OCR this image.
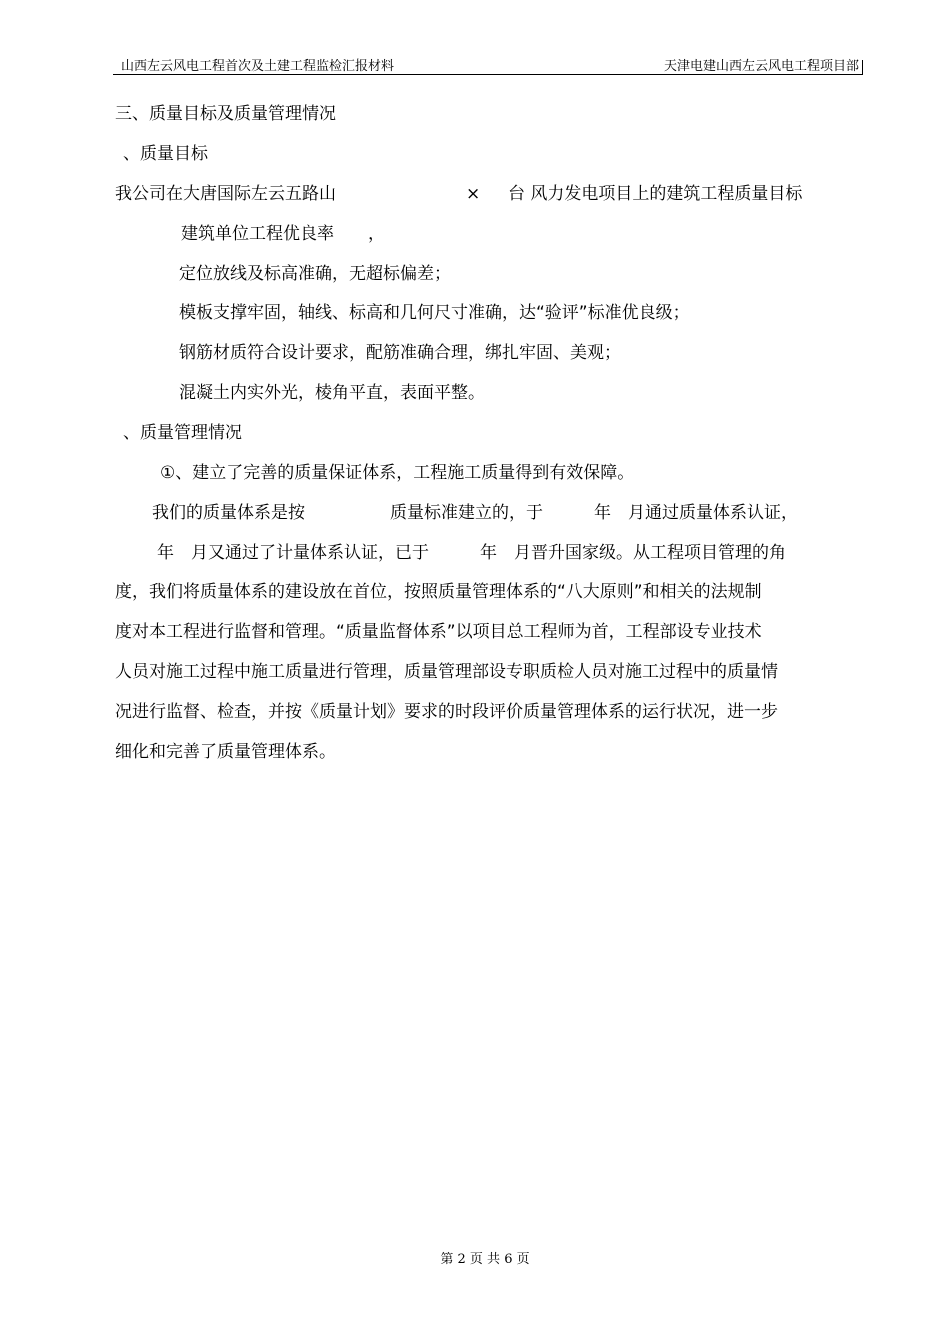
山西左云风电工程首次及土建工程监检汇报材料	天津电建山西左云风电工程项目部
三、质量目标及质量管理情况
、质量目标
我公司在大唐国际左云五路山	× 台 风力发电项目上的建筑工程质量目标
建筑单位工程优良率　　，
定位放线及标高准确，无超标偏差；
模板支撑牢固，轴线、标高和几何尺寸准确，达“验评”标准优良级；
钢筋材质符合设计要求，配筋准确合理，绑扎牢固、美观；
混凝土内实外光，棱角平直，表面平整。
、质量管理情况
①、建立了完善的质量保证体系，工程施工质量得到有效保障。
我们的质量体系是按　　　　　质量标准建立的，于　　　年　月通过质量体系认证，
　年　月又通过了计量体系认证，已于　　　年　月晋升国家级。从工程项目管理的角
度，我们将质量体系的建设放在首位，按照质量管理体系的“八大原则”和相关的法规制
度对本工程进行监督和管理。“质量监督体系”以项目总工程师为首，工程部设专业技术
人员对施工过程中施工质量进行管理，质量管理部设专职质检人员对施工过程中的质量情
况进行监督、检查，并按《质量计划》要求的时段评价质量管理体系的运行状况，进一步
细化和完善了质量管理体系。
第 2 页 共 6 页
